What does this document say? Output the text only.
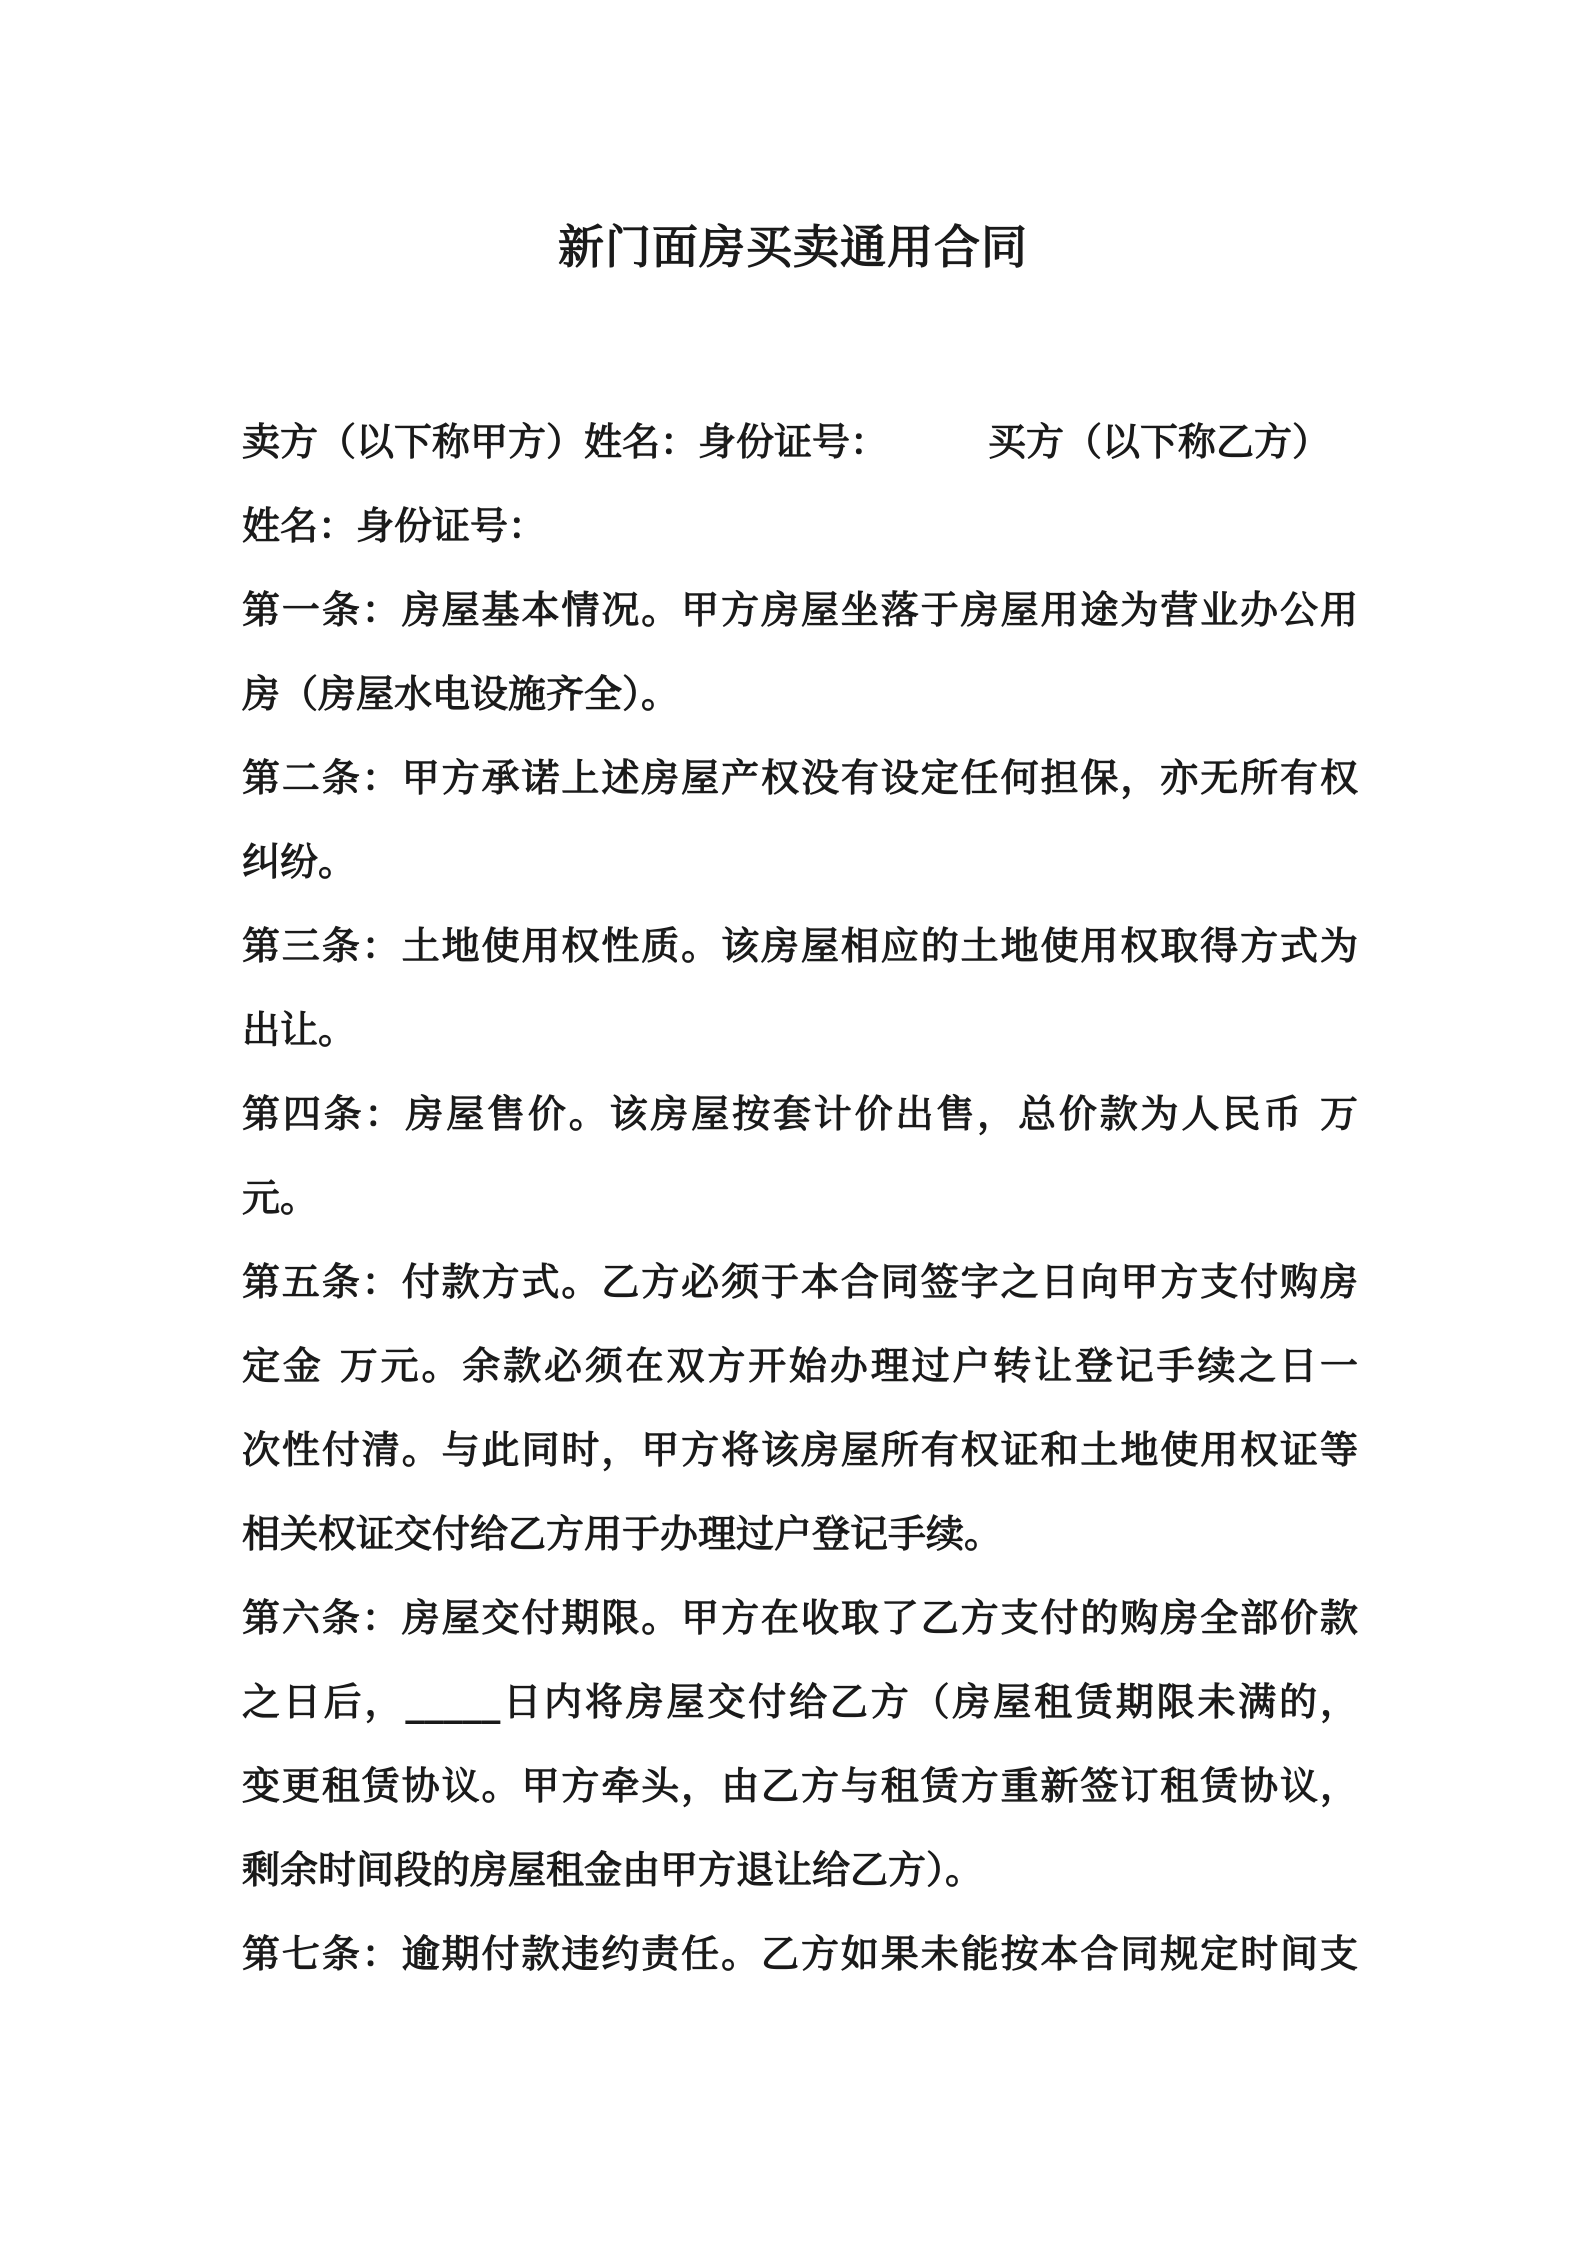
新门面房买卖通用合同
卖方（以下称甲方）姓名：身份证号：	买方（以下称乙方）
姓名：身份证号：
第一条：房屋基本情况。甲方房屋坐落于房屋用途为营业办公用
房（房屋水电设施齐全）。
第二条：甲方承诺上述房屋产权没有设定任何担保，亦无所有权
纠纷。
第三条：土地使用权性质。该房屋相应的土地使用权取得方式为
出让。
第四条：房屋售价。该房屋按套计价出售，总价款为人民币 万
元。
第五条：付款方式。乙方必须于本合同签字之日向甲方支付购房
定金 万元。余款必须在双方开始办理过户转让登记手续之日一
次性付清。与此同时，甲方将该房屋所有权证和土地使用权证等
相关权证交付给乙方用于办理过户登记手续。
第六条：房屋交付期限。甲方在收取了乙方支付的购房全部价款
之日后，_____日内将房屋交付给乙方（房屋租赁期限未满的，
变更租赁协议。甲方牵头，由乙方与租赁方重新签订租赁协议，
剩余时间段的房屋租金由甲方退让给乙方）。
第七条：逾期付款违约责任。乙方如果未能按本合同规定时间支
